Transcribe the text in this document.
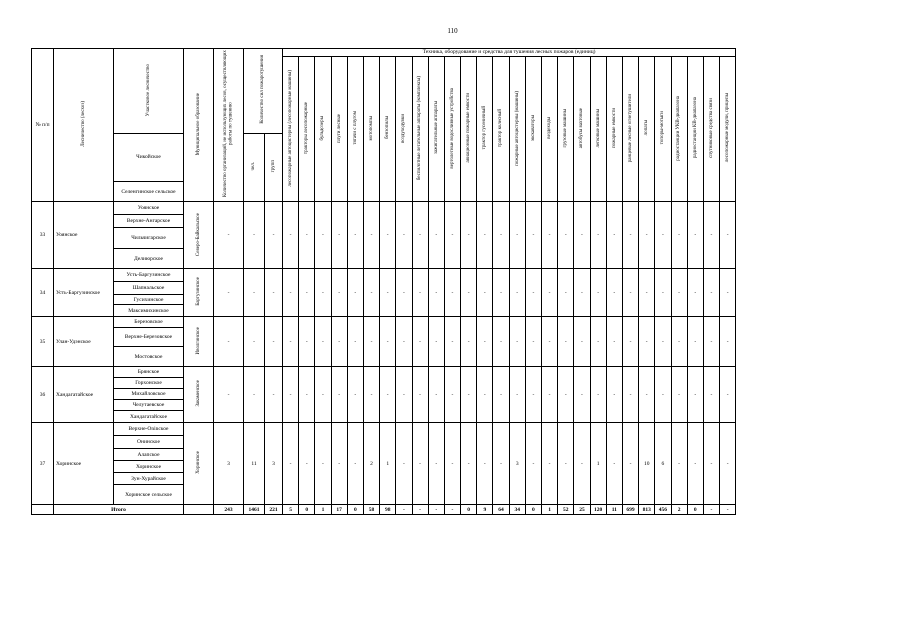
110
№ п/п	Лесничество (лесхоз)	Участковое лесничество	Муниципальное образование	Количество организаций, не использующих лесов, осуществляющих работы по тушению	Количество сил пожаротушения		Техника, оборудование и средства для тушения лесных пожаров (единиц)																											
							лесопожарные автоцистерны (лесопожарные машины)	тракторы лесопожарные	бульдозеры	плуги лесные	тягачи с плугом	мотопомпы	бензопилы	воздуходувки	беспилотные летательные аппараты (комплексы)	зажигательные аппараты	вертолетные водосливные устройства	авиационные пожарные емкости	трактор гусеничный	трактор колесный	пожарные автоцистерны (машины)	экскаваторы	вездеходы	грузовые машины	автобусы вахтовые	легковые машины	пожарные емкости	ранцевые лесные огнетушители	лопаты	топоры-мотыги	радиостанции УКВ-диапазона	радиостанции КВ-диапазона	спутниковые средства связи	лесопожарные модули, прицепы
		Чикойское			чел.	групп																												
		Селенгинское сельское																																
33	Уоянское	Уоянское	Северо-Байкальское	-	-	-	-	-	-	-	-	-	-	-	-	-	-	-	-	-	-	-	-	-	-	-	-	-	-	-	-	-	-	-
		Верхне-Ангарское																																
		Чильчигарское																																
		Делиюрское																																
34	Усть-Баргузинское	Усть-Баргузинское	Баргузинское	-	-	-	-	-	-	-	-	-	-	-	-	-	-	-	-	-	-	-	-	-	-	-	-	-	-	-	-	-	-	-
		Шапнальское																																
		Гусихинское																																
		Максимихинское																																
35	Улан-Удэнское	Березовское	Иволгинское	-	-	-	-	-	-	-	-	-	-	-	-	-	-	-	-	-	-	-	-	-	-	-	-	-	-	-	-	-	-	-
		Верхне-Березовское																																
		Мостовское																																
36	Хандагатайское	Брянское	Закаменское	-	-	-	-	-	-	-	-	-	-	-	-	-	-	-	-	-	-	-	-	-	-	-	-	-	-	-	-	-	-	-
		Горхонское																																
		Михайловское																																
		Челутаевское																																
		Хандагатайское																																
37	Хоринское	Верхне-Оninское	Хоринское	3	11	3	-	-	-	-	-	2	1	-	-	-	-	-	-	-	3	-	-	-	-	1	-	-	10	6	-	-	-	-
		Онинское																																
		Алапское																																
		Хоринское																																
		Зун-Хурайское																																
		Хоринское сельское																																
	Итого			243	1461	221	5	0	1	17	0	58	98	-	-	-	-	0	9	64	34	0	1	52	25	120	11	699	813	456	2	0	-	-
